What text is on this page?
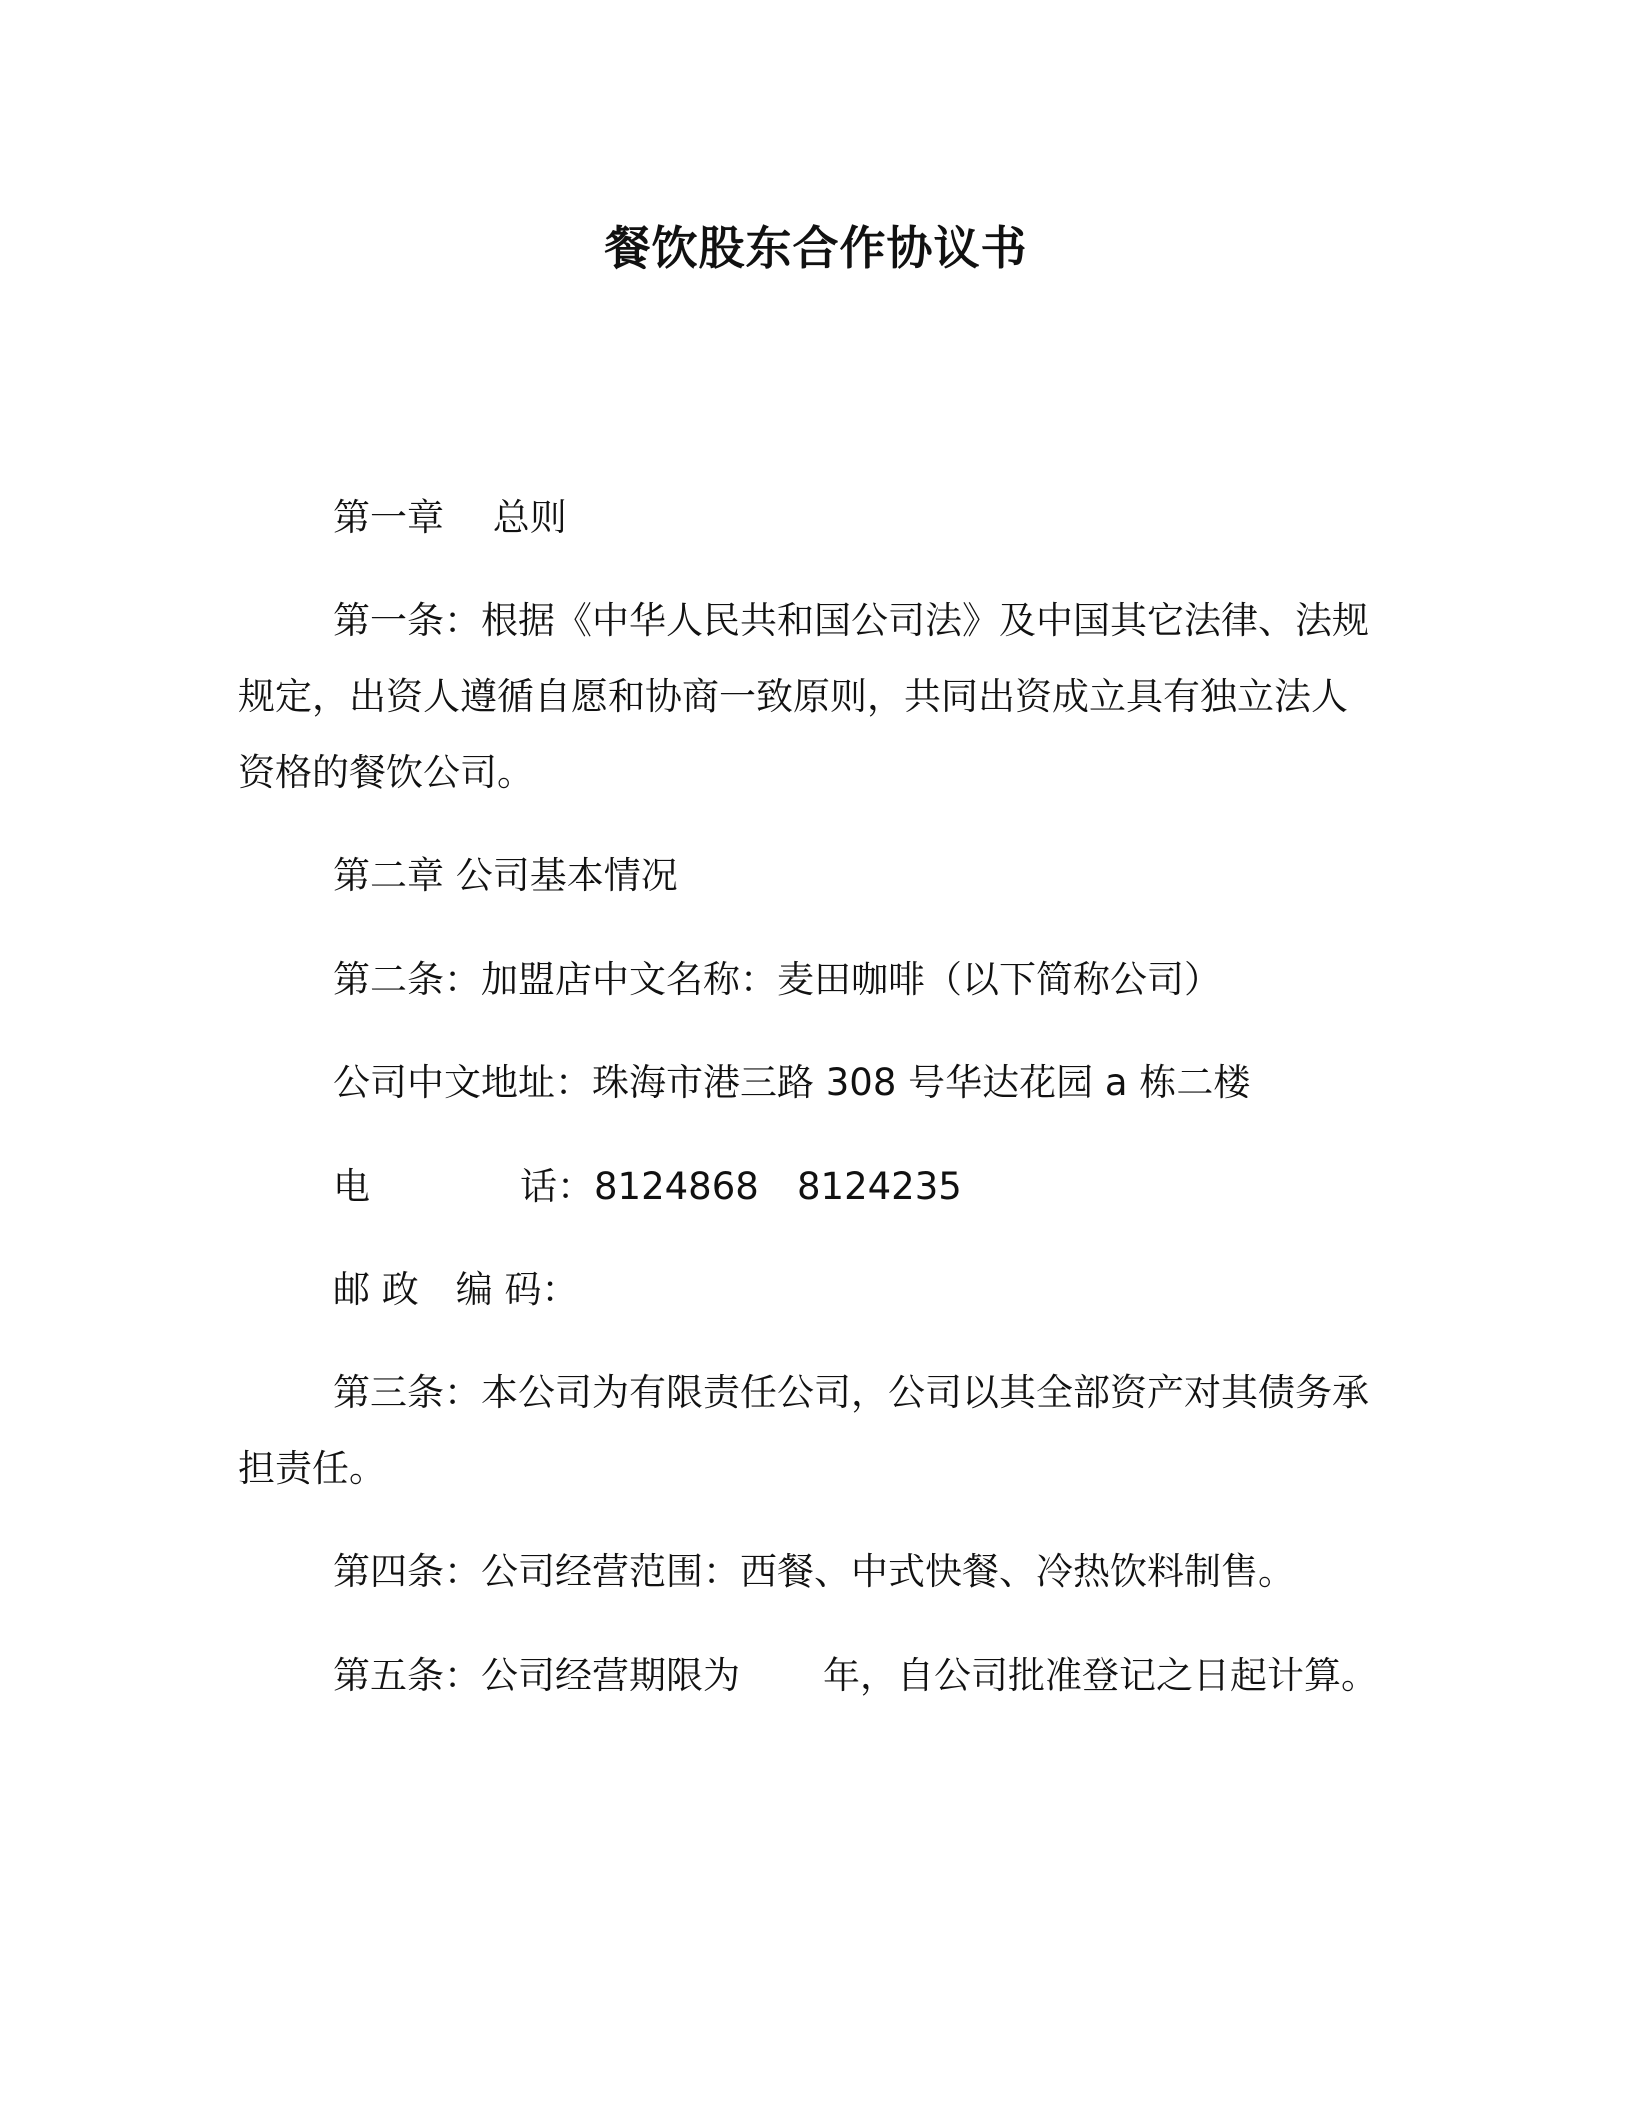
餐饮股东合作协议书
第一章　 总则
第一条：根据《中华人民共和国公司法》及中国其它法律、法规
规定，出资人遵循自愿和协商一致原则，共同出资成立具有独立法人
资格的餐饮公司。
第二章 公司基本情况
第二条：加盟店中文名称：麦田咖啡（以下简称公司）
公司中文地址：珠海市港三路 308 号华达花园 a 栋二楼
电	话： 8124868 8124235
邮 政　编 码：
第三条：本公司为有限责任公司，公司以其全部资产对其债务承
担责任。
第四条：公司经营范围：西餐、中式快餐、冷热饮料制售。
第五条：公司经营期限为 年，自公司批准登记之日起计算。
